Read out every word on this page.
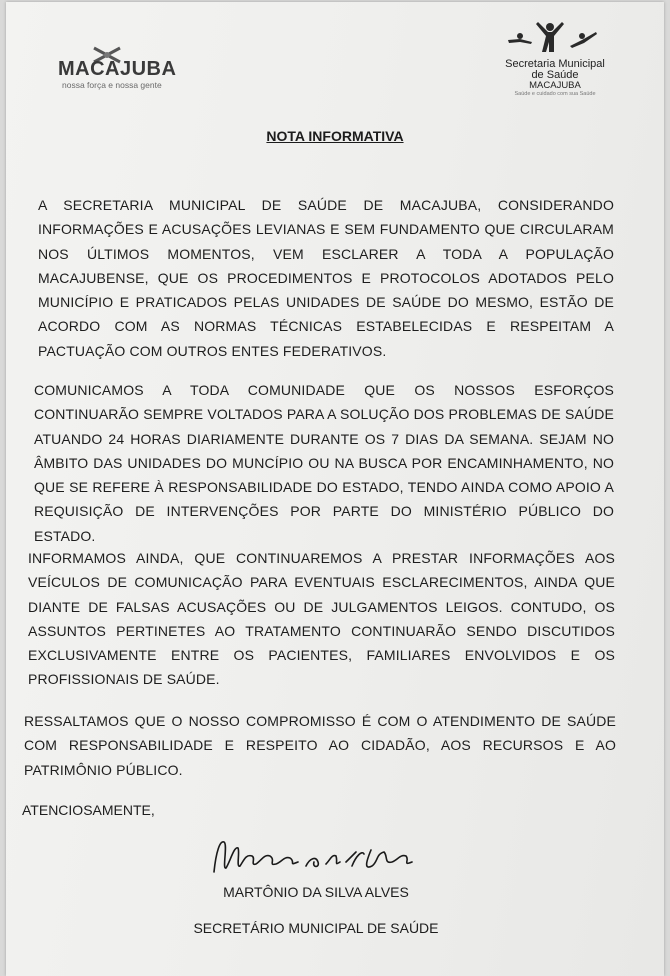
MACAJUBA
nossa força e nossa gente
Secretaria Municipal
de Saúde
MACAJUBA
Saúde e cuidado com sua Saúde
NOTA INFORMATIVA
A SECRETARIA MUNICIPAL DE SAÚDE DE MACAJUBA, CONSIDERANDO INFORMAÇÕES E ACUSAÇÕES LEVIANAS E SEM FUNDAMENTO QUE CIRCULARAM NOS ÚLTIMOS MOMENTOS, VEM ESCLARER A TODA A POPULAÇÃO MACAJUBENSE, QUE OS PROCEDIMENTOS E PROTOCOLOS ADOTADOS PELO MUNICÍPIO E PRATICADOS PELAS UNIDADES DE SAÚDE DO MESMO, ESTÃO DE ACORDO COM AS NORMAS TÉCNICAS ESTABELECIDAS E RESPEITAM A PACTUAÇÃO COM OUTROS ENTES FEDERATIVOS.
COMUNICAMOS A TODA COMUNIDADE QUE OS NOSSOS ESFORÇOS CONTINUARÃO SEMPRE VOLTADOS PARA A SOLUÇÃO DOS PROBLEMAS DE SAÚDE ATUANDO 24 HORAS DIARIAMENTE DURANTE OS 7 DIAS DA SEMANA. SEJAM NO ÂMBITO DAS UNIDADES DO MUNCÍPIO OU NA BUSCA POR ENCAMINHAMENTO, NO QUE SE REFERE À RESPONSABILIDADE DO ESTADO, TENDO AINDA COMO APOIO A REQUISIÇÃO DE INTERVENÇÕES POR PARTE DO MINISTÉRIO PÚBLICO DO ESTADO.
INFORMAMOS AINDA, QUE CONTINUAREMOS A PRESTAR INFORMAÇÕES AOS VEÍCULOS DE COMUNICAÇÃO PARA EVENTUAIS ESCLARECIMENTOS, AINDA QUE DIANTE DE FALSAS ACUSAÇÕES OU DE JULGAMENTOS LEIGOS. CONTUDO, OS ASSUNTOS PERTINETES AO TRATAMENTO CONTINUARÃO SENDO DISCUTIDOS EXCLUSIVAMENTE ENTRE OS PACIENTES, FAMILIARES ENVOLVIDOS E OS PROFISSIONAIS DE SAÚDE.
RESSALTAMOS QUE O NOSSO COMPROMISSO É COM O ATENDIMENTO DE SAÚDE COM RESPONSABILIDADE E RESPEITO AO CIDADÃO, AOS RECURSOS E AO PATRIMÔNIO PÚBLICO.
ATENCIOSAMENTE,
MARTÔNIO DA SILVA ALVES
SECRETÁRIO MUNICIPAL DE SAÚDE
